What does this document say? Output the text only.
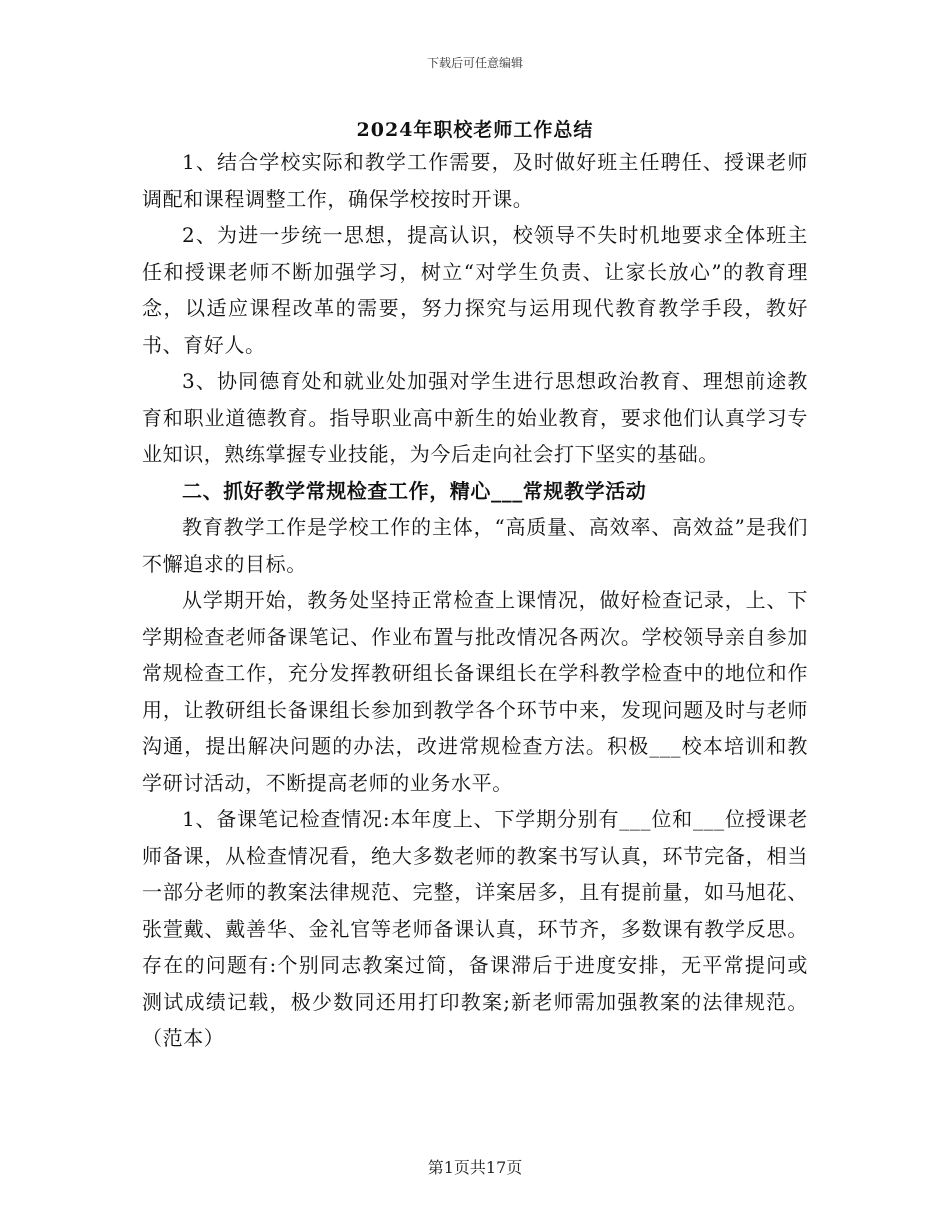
下载后可任意编辑
2024年职校老师工作总结

1、结合学校实际和教学工作需要，及时做好班主任聘任、授课老师调配和课程调整工作，确保学校按时开课。

2、为进一步统一思想，提高认识，校领导不失时机地要求全体班主任和授课老师不断加强学习，树立“对学生负责、让家长放心”的教育理念，以适应课程改革的需要，努力探究与运用现代教育教学手段，教好书、育好人。

3、协同德育处和就业处加强对学生进行思想政治教育、理想前途教育和职业道德教育。指导职业高中新生的始业教育，要求他们认真学习专业知识，熟练掌握专业技能，为今后走向社会打下坚实的基础。

二、抓好教学常规检查工作，精心___常规教学活动

教育教学工作是学校工作的主体，“高质量、高效率、高效益”是我们不懈追求的目标。

从学期开始，教务处坚持正常检查上课情况，做好检查记录，上、下学期检查老师备课笔记、作业布置与批改情况各两次。学校领导亲自参加常规检查工作，充分发挥教研组长备课组长在学科教学检查中的地位和作用，让教研组长备课组长参加到教学各个环节中来，发现问题及时与老师沟通，提出解决问题的办法，改进常规检查方法。积极___校本培训和教学研讨活动，不断提高老师的业务水平。

1、备课笔记检查情况:本年度上、下学期分别有___位和___位授课老师备课，从检查情况看，绝大多数老师的教案书写认真，环节完备，相当一部分老师的教案法律规范、完整，详案居多，且有提前量，如马旭花、张萱戴、戴善华、金礼官等老师备课认真，环节齐，多数课有教学反思。存在的问题有:个别同志教案过简，备课滞后于进度安排，无平常提问或测试成绩记载，极少数同还用打印教案;新老师需加强教案的法律规范。（范本）

第1页共17页
